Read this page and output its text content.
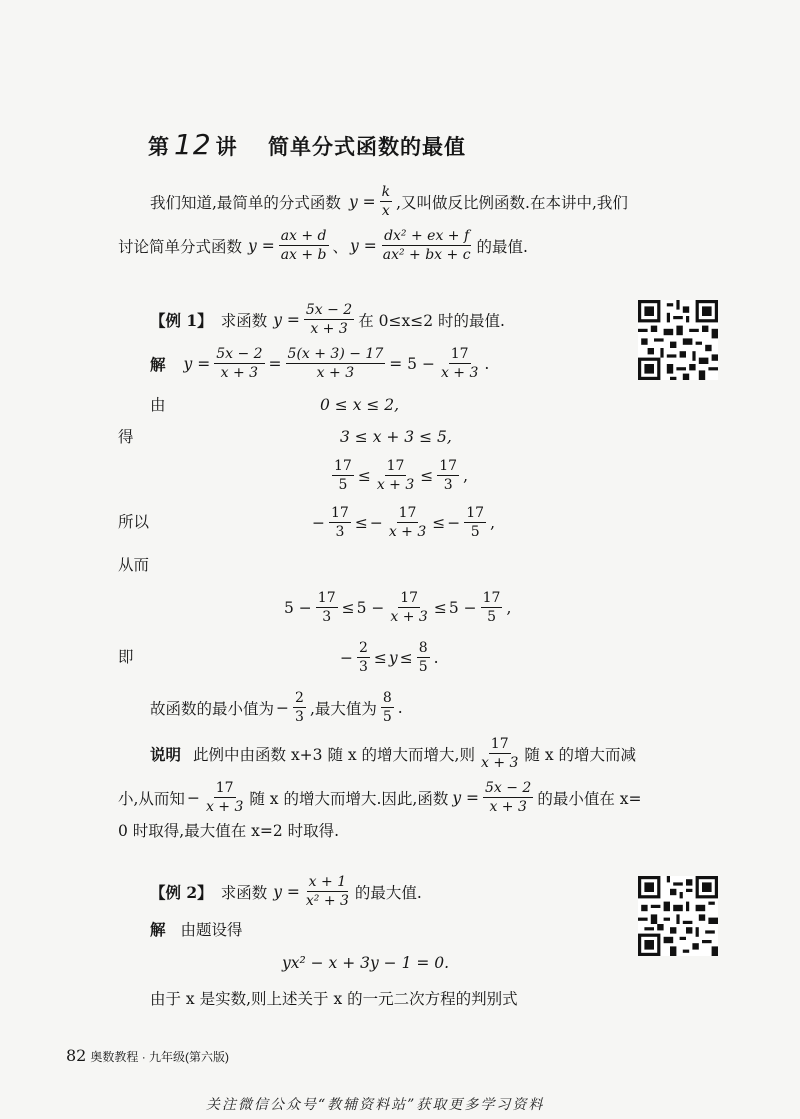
第 12 讲 简单分式函数的最值
我们知道,最简单的分式函数 $y = \frac{k}{x}$ ,又叫做反比例函数.在本讲中,我们
讨论简单分式函数 $y = \frac{ax + d}{ax + b}$ 、 $y = \frac{\text{dx² + ex + f}}{\text{ax² + bx + c}}$ 的最值.
【例 1】 求函数 $y = \frac{5x - 2}{x + 3}$ 在 0≤x≤2 时的最值.
解 $y = \frac{5x - 2}{x + 3} = \frac{5(x + 3) - 17}{x + 3} = 5 - \frac{17}{x + 3}$ .
由	0 ≤ x ≤ 2,
得	3 ≤ x + 3 ≤ 5,
$\frac{17}{5} \le \frac{17}{x + 3} \le \frac{17}{3}$ ,
所以	− $\frac{17}{3}$ ≤ − $\frac{17}{x + 3}$ ≤ − $\frac{17}{5}$ ,
从而
$5 - \frac{17}{3} \le 5 - \frac{17}{x + 3} \le 5 - \frac{17}{5}$ ,
即	− $\frac{2}{3} \le y \le \frac{8}{5}$ .
故函数的最小值为 − $\frac{2}{3}$ ,最大值为 $\frac{8}{5}$ .
说明 此例中由函数 x+3 随 x 的增大而增大,则 $\frac{17}{x + 3}$ 随 x 的增大而减
小,从而知 − $\frac{17}{x + 3}$ 随 x 的增大而增大.因此,函数 $y = \frac{5x - 2}{x + 3}$ 的最小值在 x=
0 时取得,最大值在 x=2 时取得.
【例 2】 求函数 $y = \frac{x + 1}{\text{x² + 3}}$ 的最大值.
解 由题设得
yx² − x + 3y − 1 = 0.
由于 x 是实数,则上述关于 x 的一元二次方程的判别式
82 奥数教程 · 九年级(第六版)
关注微信公众号“教辅资料站”获取更多学习资料
